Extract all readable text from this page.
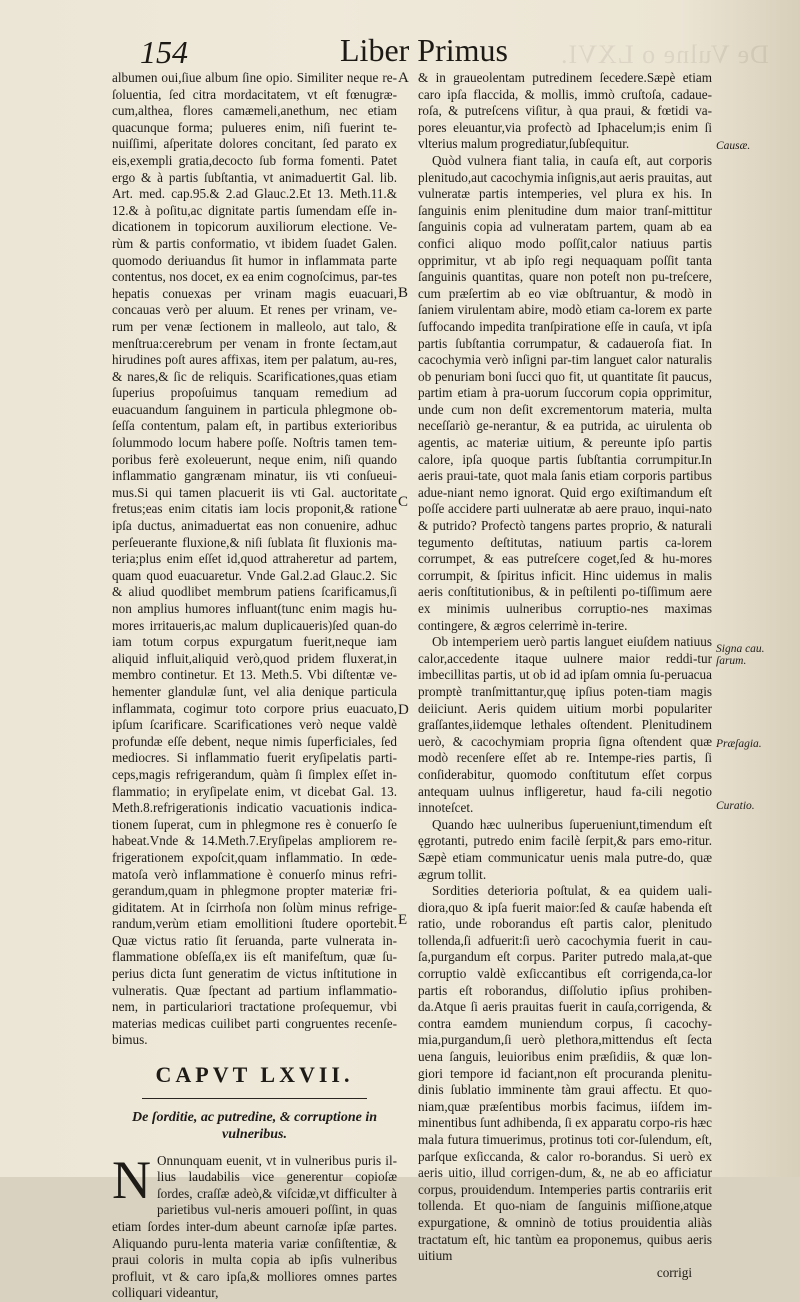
De Vulne o LXVI.
154	Liber Primus

albumen oui,ſiue album ſine opio. Similiter neque re-ſoluentia, ſed citra mordacitatem, vt eſt fœnugræ-cum,althea, flores camæmeli,anethum, nec etiam quacunque forma; pulueres enim, niſi fuerint te-nuiſſimi, aſperitate dolores concitant, ſed parato ex eis,exempli gratia,decocto ſub forma fomenti. Patet ergo & à partis ſubſtantia, vt animaduertit Gal. lib. Art. med. cap.95.& 2.ad Glauc.2.Et 13. Meth.11.& 12.& à poſitu,ac dignitate partis ſumendam eſſe in-dicationem in topicorum auxiliorum electione. Ve-rùm & partis conformatio, vt ibidem ſuadet Galen. quomodo deriuandus ſit humor in inflammata parte contentus, nos docet, ex ea enim cognoſcimus, par-tes hepatis conuexas per vrinam magis euacuari, concauas verò per aluum. Et renes per vrinam, ve-rum per venæ ſectionem in malleolo, aut talo, & menſtrua:cerebrum per venam in fronte ſectam,aut hirudines poſt aures affixas, item per palatum, au-res, & nares,& ſic de reliquis. Scarificationes,quas etiam ſuperius propoſuimus tanquam remedium ad euacuandum ſanguinem in particula phlegmone ob-ſeſſa contentum, palam eſt, in partibus exterioribus ſolummodo locum habere poſſe. Noſtris tamen tem-poribus ferè exoleuerunt, neque enim, niſi quando inflammatio gangrænam minatur, iis vti conſueui-mus.Si qui tamen placuerit iis vti Gal. auctoritate fretus;eas enim citatis iam locis proponit,& ratione ipſa ductus, animaduertat eas non conuenire, adhuc perſeuerante fluxione,& niſi ſublata ſit fluxionis ma-teria;plus enim eſſet id,quod attraheretur ad partem, quam quod euacuaretur. Vnde Gal.2.ad Glauc.2. Sic & aliud quodlibet membrum patiens ſcarificamus,ſi non amplius humores influant(tunc enim magis hu-mores irritaueris,ac malum duplicaueris)ſed quan-do iam totum corpus expurgatum fuerit,neque iam aliquid influit,aliquid verò,quod pridem fluxerat,in membro continetur. Et 13. Meth.5. Vbi diſtentæ ve-hementer glandulæ ſunt, vel alia denique particula inflammata, cogimur toto corpore prius euacuato, ipſum ſcarificare. Scarificationes verò neque valdè profundæ eſſe debent, neque nimis ſuperficiales, ſed mediocres. Si inflammatio fuerit eryſipelatis parti-ceps,magis refrigerandum, quàm ſi ſimplex eſſet in-flammatio; in eryſipelate enim, vt dicebat Gal. 13. Meth.8.refrigerationis indicatio vacuationis indica-tionem ſuperat, cum in phlegmone res è conuerſo ſe habeat.Vnde & 14.Meth.7.Eryſipelas ampliorem re-frigerationem expoſcit,quam inflammatio. In œde-matoſa verò inflammatione è conuerſo minus refri-gerandum,quam in phlegmone propter materiæ fri-giditatem. At in ſcirrhoſa non ſolùm minus refrige-randum,verùm etiam emollitioni ſtudere oportebit. Quæ victus ratio ſit ſeruanda, parte vulnerata in-flammatione obſeſſa,ex iis eſt manifeſtum, quæ ſu-perius dicta ſunt generatim de victus inſtitutione in vulneratis. Quæ ſpectant ad partium inflammatio-nem, in particulariori tractatione proſequemur, vbi materias medicas cuilibet parti congruentes recenſe-bimus.

CAPVT LXVII.

De ſorditie, ac putredine, & corruptione in vulneribus.

N Onnunquam euenit, vt in vulneribus puris il-lius laudabilis vice generentur copioſæ ſordes, craſſæ adeò,& viſcidæ,vt difficulter à parietibus vul-neris amoueri poſſint, in quas etiam ſordes inter-dum abeunt carnoſæ ipſæ partes. Aliquando puru-lenta materia variæ conſiſtentiæ, & praui coloris in multa copia ab ipſis vulneribus profluit, vt & caro ipſa,& molliores omnes partes colliquari videantur,

A
B
C
D
E

& in graueolentam putredinem ſecedere.Sæpè etiam caro ipſa flaccida, & mollis, immò cruſtoſa, cadaue-roſa, & putreſcens viſitur, à qua praui, & fœtidi va-pores eleuantur,via profectò ad Iphacelum;is enim ſi vlterius malum progrediatur,ſubſequitur.

Quòd vulnera fiant talia, in cauſa eſt, aut corporis plenitudo,aut cacochymia inſignis,aut aeris prauitas, aut vulneratæ partis intemperies, vel plura ex his. In ſanguinis enim plenitudine dum maior tranſ-mittitur ſanguinis copia ad vulneratam partem, quam ab ea confici aliquo modo poſſit,calor natiuus partis opprimitur, vt ab ipſo regi nequaquam poſſit tanta ſanguinis quantitas, quare non poteſt non pu-treſcere, cum præſertim ab eo viæ obſtruantur, & modò in ſaniem virulentam abire, modò etiam ca-lorem ex parte ſuffocando impedita tranſpiratione eſſe in cauſa, vt ipſa partis ſubſtantia corrumpatur, & cadaueroſa fiat. In cacochymia verò inſigni par-tim languet calor naturalis ob penuriam boni ſucci quo fit, ut quantitate ſit paucus, partim etiam à pra-uorum ſuccorum copia opprimitur, unde cum non deſit excrementorum materia, multa neceſſariò ge-nerantur, & ea putrida, ac uirulenta ob agentis, ac materiæ uitium, & pereunte ipſo partis calore, ipſa quoque partis ſubſtantia corrumpitur.In aeris praui-tate, quot mala ſanis etiam corporis partibus adue-niant nemo ignorat. Quid ergo exiſtimandum eſt poſſe accidere parti uulneratæ ab aere prauo, inqui-nato & putrido? Profectò tangens partes proprio, & naturali tegumento deſtitutas, natiuum partis ca-lorem corrumpet, & eas putreſcere coget,ſed & hu-mores corrumpit, & ſpiritus inficit. Hinc uidemus in malis aeris conſtitutionibus, & in peſtilenti po-tiſſimum aere ex minimis uulneribus corruptio-nes maximas contingere, & ægros celerrimè in-terire.

Ob intemperiem uerò partis languet eiuſdem natiuus calor,accedente itaque uulnere maior reddi-tur imbecillitas partis, ut ob id ad ipſam omnia ſu-peruacua promptè tranſmittantur,quę ipſius poten-tiam magis deiiciunt. Aeris quidem uitium morbi populariter graſſantes,iidemque lethales oſtendent. Plenitudinem uerò, & cacochymiam propria ſigna oſtendent quæ modò recenſere eſſet ab re. Intempe-ries partis, ſi conſiderabitur, quomodo conſtitutum eſſet corpus antequam uulnus infligeretur, haud fa-cili negotio innoteſcet.

Quando hæc uulneribus ſuperueniunt,timendum eſt ęgrotanti, putredo enim facilè ſerpit,& pars emo-ritur. Sæpè etiam communicatur uenis mala putre-do, quæ ægrum tollit.

Sordities deterioria poſtulat, & ea quidem uali-diora,quo & ipſa fuerit maior:ſed & cauſæ habenda eſt ratio, unde roborandus eſt partis calor, plenitudo tollenda,ſi adfuerit:ſi uerò cacochymia fuerit in cau-ſa,purgandum eſt corpus. Pariter putredo mala,at-que corruptio valdè exſiccantibus eſt corrigenda,ca-lor partis eſt roborandus, diſſolutio ipſius prohiben-da.Atque ſi aeris prauitas fuerit in cauſa,corrigenda, & contra eamdem muniendum corpus, ſi cacochy-mia,purgandum,ſi uerò plethora,mittendus eſt ſecta uena ſanguis, leuioribus enim præſidiis, & quæ lon-giori tempore id faciant,non eſt procuranda plenitu-dinis ſublatio imminente tàm graui affectu. Et quo-niam,quæ præſentibus morbis facimus, iiſdem im-minentibus ſunt adhibenda, ſi ex apparatu corpo-ris hæc mala futura timuerimus, protinus toti cor-ſulendum, eſt, parſque exſiccanda, & calor ro-borandus. Si uerò ex aeris uitio, illud corrigen-dum, &, ne ab eo afficiatur corpus, prouidendum. Intemperies partis contrariis erit tollenda. Et quo-niam de ſanguinis miſſione,atque expurgatione, & omninò de totius prouidentia aliàs tractatum eſt, hic tantùm ea proponemus, quibus aeris uitium

corrigi

Causæ.
Signa cau. ſarum.
Præſagia.
Curatio.
